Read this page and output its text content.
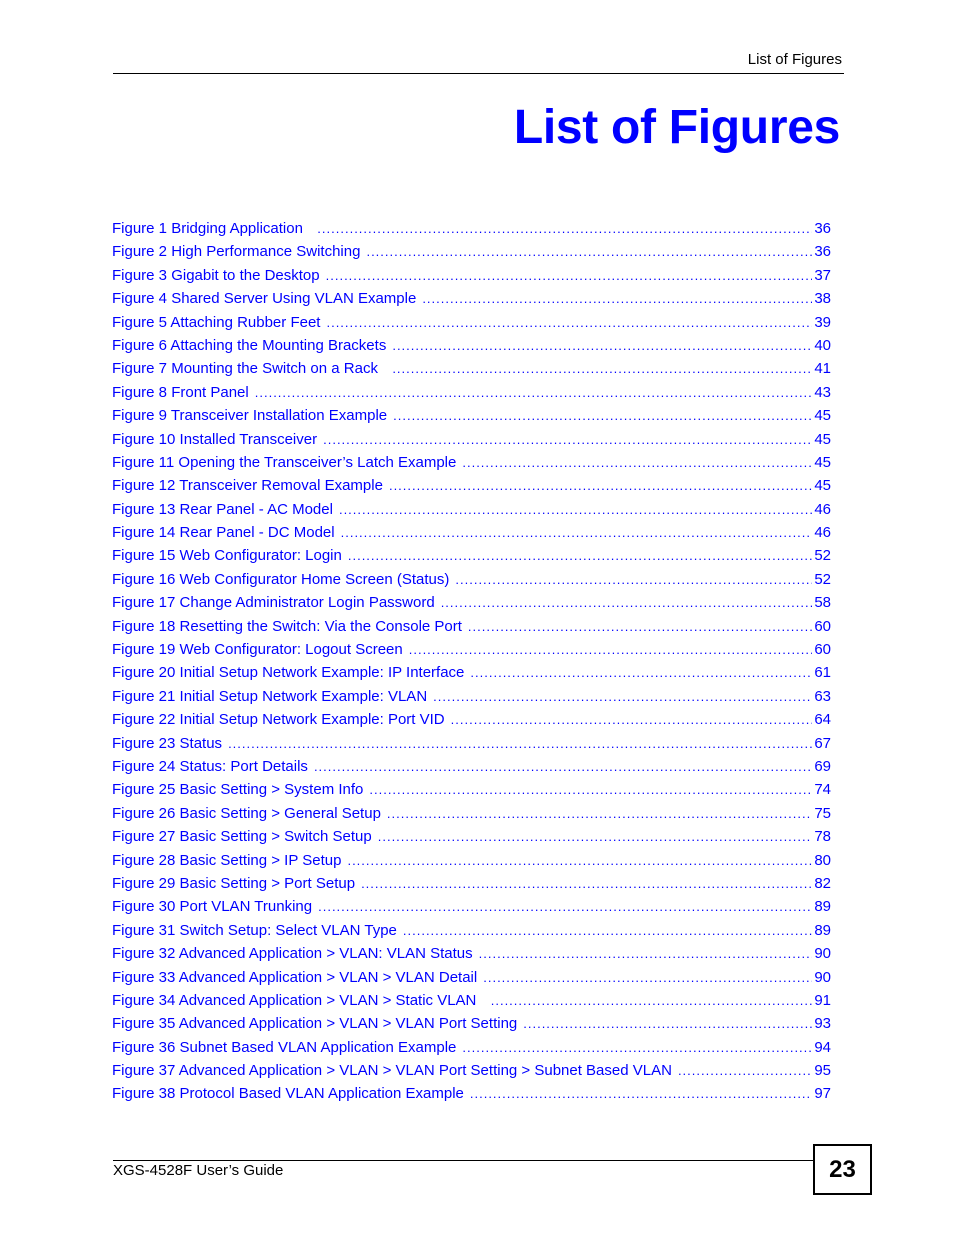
List of Figures
List of Figures
Figure 1 Bridging Application .....	36
Figure 2 High Performance Switching .....	36
Figure 3 Gigabit to the Desktop .....	37
Figure 4 Shared Server Using VLAN Example .....	38
Figure 5 Attaching Rubber Feet .....	39
Figure 6 Attaching the Mounting Brackets .....	40
Figure 7 Mounting the Switch on a Rack .....	41
Figure 8 Front Panel .....	43
Figure 9 Transceiver Installation Example .....	45
Figure 10 Installed Transceiver .....	45
Figure 11 Opening the Transceiver’s Latch Example .....	45
Figure 12 Transceiver Removal Example .....	45
Figure 13 Rear Panel - AC Model .....	46
Figure 14 Rear Panel - DC Model .....	46
Figure 15 Web Configurator: Login .....	52
Figure 16 Web Configurator Home Screen (Status) .....	52
Figure 17 Change Administrator Login Password .....	58
Figure 18 Resetting the Switch: Via the Console Port .....	60
Figure 19 Web Configurator: Logout Screen .....	60
Figure 20 Initial Setup Network Example: IP Interface .....	61
Figure 21 Initial Setup Network Example: VLAN .....	63
Figure 22 Initial Setup Network Example: Port VID .....	64
Figure 23 Status .....	67
Figure 24 Status: Port Details .....	69
Figure 25 Basic Setting > System Info .....	74
Figure 26 Basic Setting > General Setup .....	75
Figure 27 Basic Setting > Switch Setup .....	78
Figure 28 Basic Setting > IP Setup .....	80
Figure 29 Basic Setting > Port Setup .....	82
Figure 30 Port VLAN Trunking .....	89
Figure 31 Switch Setup: Select VLAN Type .....	89
Figure 32 Advanced Application > VLAN: VLAN Status .....	90
Figure 33 Advanced Application > VLAN > VLAN Detail .....	90
Figure 34 Advanced Application > VLAN > Static VLAN .....	91
Figure 35 Advanced Application > VLAN > VLAN Port Setting .....	93
Figure 36 Subnet Based VLAN Application Example .....	94
Figure 37 Advanced Application > VLAN > VLAN Port Setting > Subnet Based VLAN .....	95
Figure 38 Protocol Based VLAN Application Example .....	97
XGS-4528F User’s Guide	23
